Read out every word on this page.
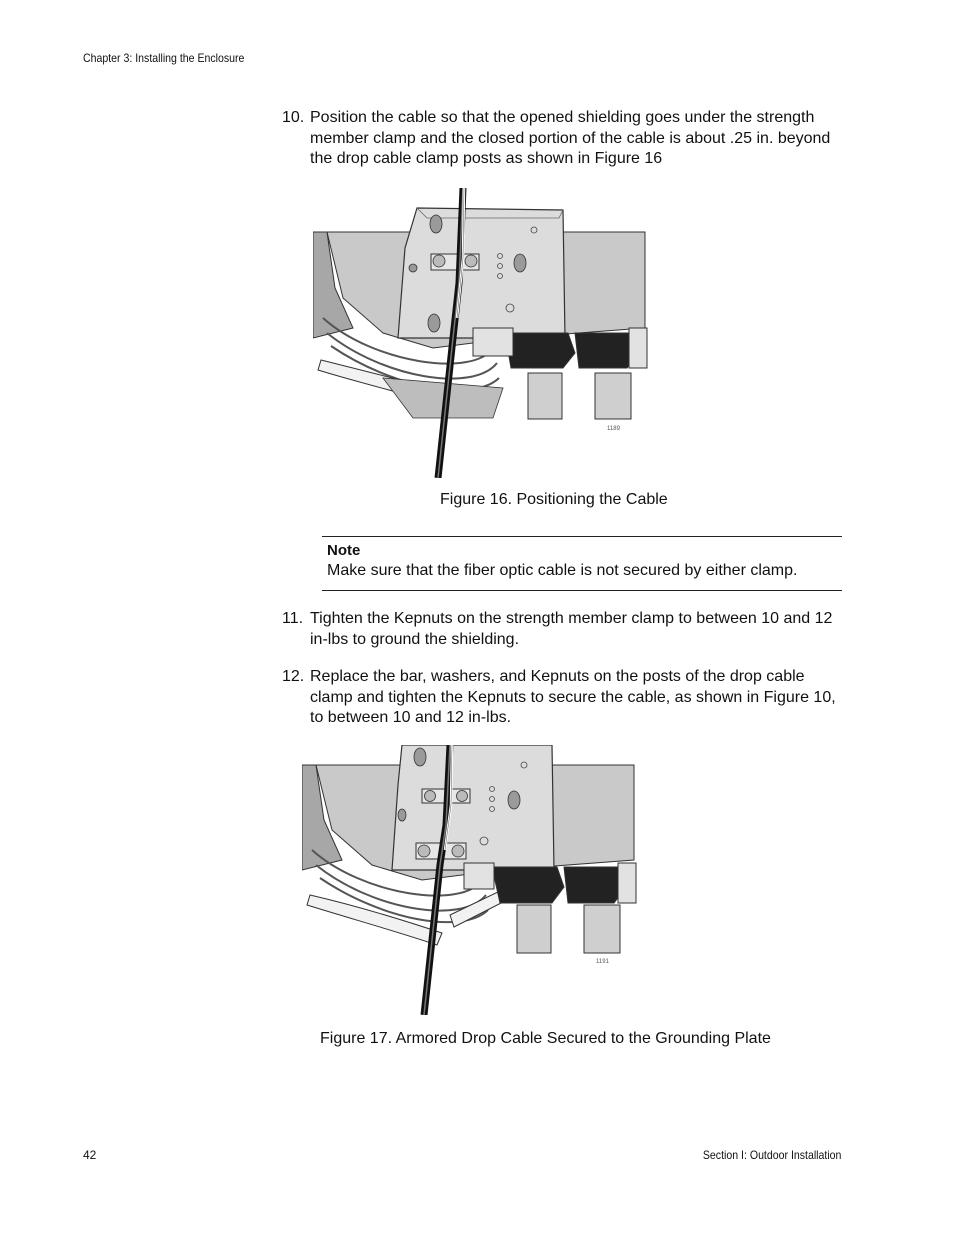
Chapter 3: Installing the Enclosure
10. Position the cable so that the opened shielding goes under the strength member clamp and the closed portion of the cable is about .25 in. beyond the drop cable clamp posts as shown in Figure 16
1189
Figure 16. Positioning the Cable
Note
Make sure that the fiber optic cable is not secured by either clamp.
11. Tighten the Kepnuts on the strength member clamp to between 10 and 12 in-lbs to ground the shielding.
12. Replace the bar, washers, and Kepnuts on the posts of the drop cable clamp and tighten the Kepnuts to secure the cable, as shown in Figure 10, to between 10 and 12 in-lbs.
1191
Figure 17. Armored Drop Cable Secured to the Grounding Plate
42	Section I: Outdoor Installation
